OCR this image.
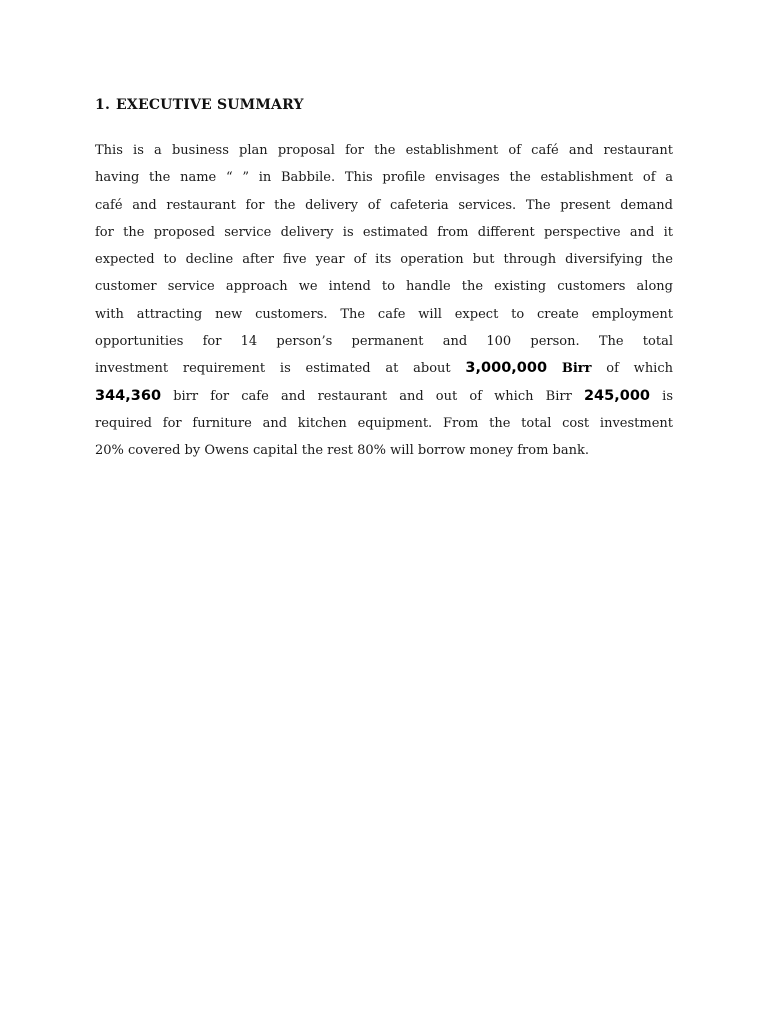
1. EXECUTIVE SUMMARY
This is a business plan proposal for the establishment of café and restaurant
having the name “ ” in Babbile. This profile envisages the establishment of a
café and restaurant for the delivery of cafeteria services. The present demand
for the proposed service delivery is estimated from different perspective and it
expected to decline after five year of its operation but through diversifying the
customer service approach we intend to handle the existing customers along
with attracting new customers. The cafe will expect to create employment
opportunities for 14 person’s permanent and 100 person. The total
investment requirement is estimated at about 3,000,000 Birr of which
344,360 birr for cafe and restaurant and out of which Birr 245,000 is
required for furniture and kitchen equipment. From the total cost investment
20% covered by Owens capital the rest 80% will borrow money from bank.
